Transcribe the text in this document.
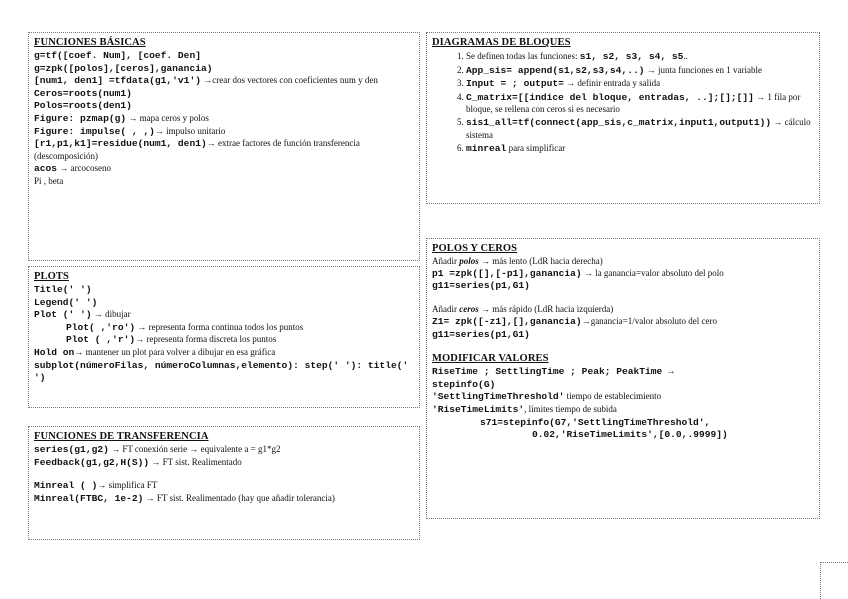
FUNCIONES BÁSICAS
g=tf([coef. Num], [coef. Den]
g=zpk([polos],[ceros],ganancia)
[num1, den1] =tfdata(g1,'v1') →crear dos vectores con coeficientes num y den
Ceros=roots(num1)
Polos=roots(den1)
Figure: pzmap(g) → mapa ceros y polos
Figure: impulse( , ,)→ impulso unitario
[r1,p1,k1]=residue(num1, den1)→ extrae factores de función transferencia (descomposición)
acos → arcocoseno
Pi , beta
PLOTS
Title(' ')
Legend(' ')
Plot (' ') → dibujar
Plot( ,'ro') → representa forma continua todos los puntos
Plot ( ,'r')→ representa forma discreta los puntos
Hold on→ mantener un plot para volver a dibujar en esa gráfica
subplot(númeroFilas, númeroColumnas,elemento): step(' '): title(' ')
FUNCIONES DE TRANSFERENCIA
series(g1,g2) → FT conexión serie → equivalente a = g1*g2
Feedback(g1,g2,H(S)) → FT sist. Realimentado
Minreal ( )→ simplifica FT
Minreal(FTBC, 1e-2) → FT sist. Realimentado (hay que añadir tolerancia)
DIAGRAMAS DE BLOQUES
1. Se definen todas las funciones: s1, s2, s3, s4, s5..
2. App_sis= append(s1,s2,s3,s4,..) → junta funciones en 1 variable
3. Input = ; output= → definir entrada y salida
4. C_matrix=[[indice del bloque, entradas, ..];[];[]] → 1 fila por bloque, se rellena con ceros si es necesario
5. sis1_all=tf(connect(app_sis,c_matrix,input1,output1)) → cálculo sistema
6. minreal para simplificar
POLOS Y CEROS
Añadir polos → más lento (LdR hacia derecha)
p1 =zpk([],[-p1],ganancia) → la ganancia=valor absoluto del polo
g11=series(p1,G1)
Añadir ceros → más rápido (LdR hacia izquierda)
Z1= zpk([-z1],[],ganancia)→ganancia=1/valor absoluto del cero
g11=series(p1,G1)
MODIFICAR VALORES
RiseTime ; SettlingTime ; Peak; PeakTime →
stepinfo(G)
'SettlingTimeThreshold' tiempo de establecimiento
'RiseTimeLimits', límites tiempo de subida
s71=stepinfo(G7,'SettlingTimeThreshold',
0.02,'RiseTimeLimits',[0.0,.9999])
